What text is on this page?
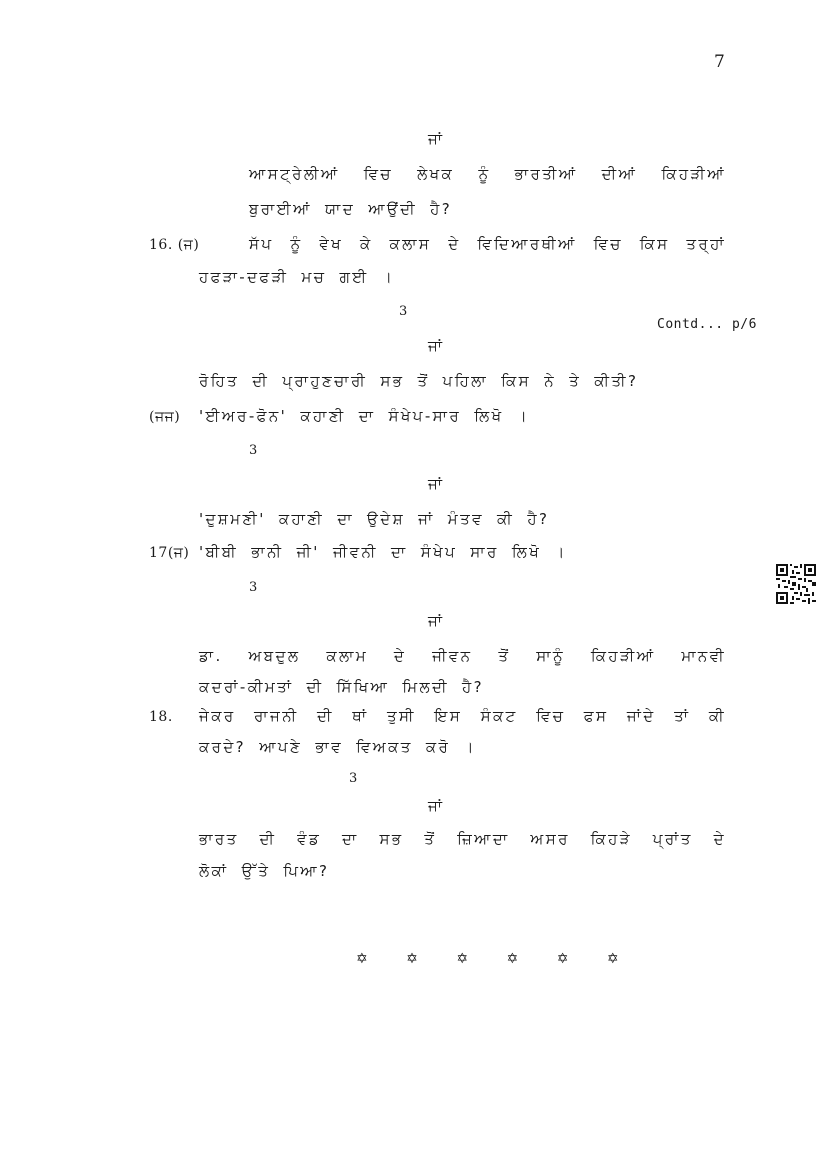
7
ਜਾਂ
ਆਸਟ੍ਰੇਲੀਆਂ ਵਿਚ ਲੇਖਕ ਨੂੰ ਭਾਰਤੀਆਂ ਦੀਆਂ ਕਿਹੜੀਆਂ
ਬੁਰਾਈਆਂ ਯਾਦ ਆਉਂਦੀ ਹੈ?
16. (ਜ)	ਸੱਪ ਨੂੰ ਵੇਖ ਕੇ ਕਲਾਸ ਦੇ ਵਿਦਿਆਰਥੀਆਂ ਵਿਚ ਕਿਸ ਤਰ੍ਹਾਂ
ਹਫੜਾ-ਦਫੜੀ ਮਚ ਗਈ ।
3
Contd... p/6
ਜਾਂ
ਰੋਹਿਤ ਦੀ ਪ੍ਰਾਹੁਣਚਾਰੀ ਸਭ ਤੋਂ ਪਹਿਲਾ ਕਿਸ ਨੇ ਤੇ ਕੀਤੀ?
(ਜਜ) 'ਈਅਰ-ਫੋਨ' ਕਹਾਣੀ ਦਾ ਸੰਖੇਪ-ਸਾਰ ਲਿਖੋ ।
3
ਜਾਂ
'ਦੁਸ਼ਮਣੀ' ਕਹਾਣੀ ਦਾ ਉਦੇਸ਼ ਜਾਂ ਮੰਤਵ ਕੀ ਹੈ?
17(ਜ) 'ਬੀਬੀ ਭਾਨੀ ਜੀ' ਜੀਵਨੀ ਦਾ ਸੰਖੇਪ ਸਾਰ ਲਿਖੋ ।
3
ਜਾਂ
ਡਾ. ਅਬਦੁਲ ਕਲਾਮ ਦੇ ਜੀਵਨ ਤੋਂ ਸਾਨੂੰ ਕਿਹੜੀਆਂ ਮਾਨਵੀ
ਕਦਰਾਂ-ਕੀਮਤਾਂ ਦੀ ਸਿੱਖਿਆ ਮਿਲਦੀ ਹੈ?
18. ਜੇਕਰ ਰਾਜਨੀ ਦੀ ਥਾਂ ਤੁਸੀ ਇਸ ਸੰਕਟ ਵਿਚ ਫਸ ਜਾਂਦੇ ਤਾਂ ਕੀ
ਕਰਦੇ? ਆਪਣੇ ਭਾਵ ਵਿਅਕਤ ਕਰੋ ।
3
ਜਾਂ
ਭਾਰਤ ਦੀ ਵੰਡ ਦਾ ਸਭ ਤੋਂ ਜ਼ਿਆਦਾ ਅਸਰ ਕਿਹੜੇ ਪ੍ਰਾਂਤ ਦੇ
ਲੋਕਾਂ ਉੱਤੇ ਪਿਆ?
✡ ✡ ✡ ✡ ✡ ✡
